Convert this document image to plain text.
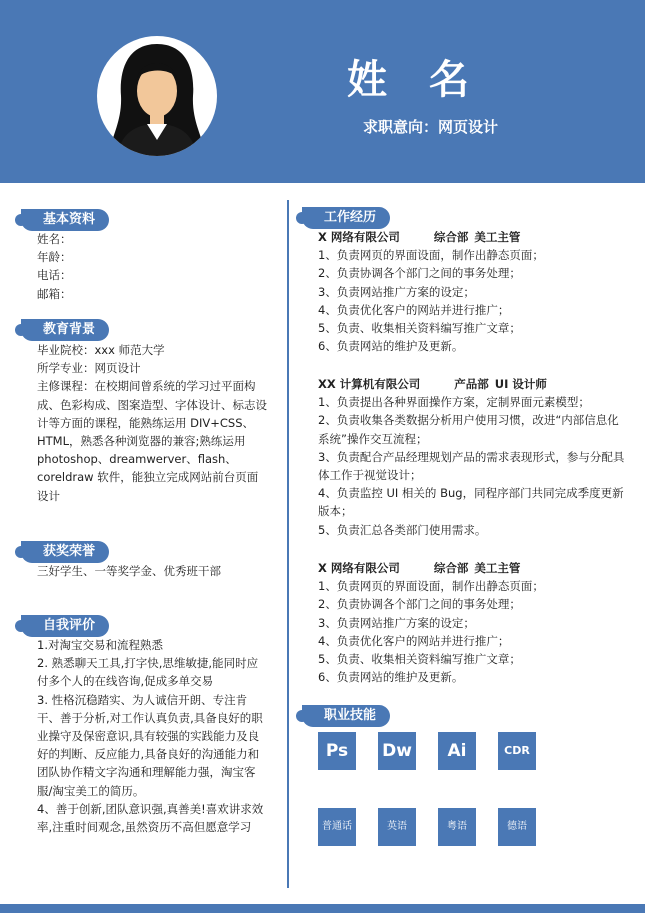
姓 名
求职意向：网页设计
基本资料
姓名：
年龄：
电话：
邮箱：
教育背景
毕业院校：xxx 师范大学
所学专业：网页设计
主修课程：在校期间曾系统的学习过平面构成、色彩构成、图案造型、字体设计、标志设计等方面的课程，能熟练运用 DIV+CSS、HTML，熟悉各种浏览器的兼容;熟练运用 photoshop、dreamwerver、flash、coreldraw 软件，能独立完成网站前台页面设计
获奖荣誉
三好学生、一等奖学金、优秀班干部
自我评价
1.对淘宝交易和流程熟悉
2. 熟悉聊天工具,打字快,思维敏捷,能同时应付多个人的在线咨询,促成多单交易
3. 性格沉稳踏实、为人诚信开朗、专注肯干、善于分析,对工作认真负责,具备良好的职业操守及保密意识,具有较强的实践能力及良好的判断、反应能力,具备良好的沟通能力和团队协作精文字沟通和理解能力强，淘宝客服/淘宝美工的简历。
4、善于创新,团队意识强,真善美!喜欢讲求效率,注重时间观念,虽然资历不高但愿意学习
工作经历
X 网络有限公司	综合部 美工主管
1、负责网页的界面设面，制作出静态页面；
2、负责协调各个部门之间的事务处理；
3、负责网站推广方案的设定；
4、负责优化客户的网站并进行推广；
5、负责、收集相关资料编写推广文章；
6、负责网站的维护及更新。
XX 计算机有限公司	产品部 UI 设计师
1、负责提出各种界面操作方案，定制界面元素模型；
2、负责收集各类数据分析用户使用习惯，改进“内部信息化系统”操作交互流程；
3、负责配合产品经理规划产品的需求表现形式，参与分配具体工作于视觉设计；
4、负责监控 UI 相关的 Bug，同程序部门共同完成季度更新版本；
5、负责汇总各类部门使用需求。
X 网络有限公司	综合部 美工主管
1、负责网页的界面设面，制作出静态页面；
2、负责协调各个部门之间的事务处理；
3、负责网站推广方案的设定；
4、负责优化客户的网站并进行推广；
5、负责、收集相关资料编写推广文章；
6、负责网站的维护及更新。
职业技能
Ps	Dw	Ai	CDR
普通话	英语	粤语	德语
